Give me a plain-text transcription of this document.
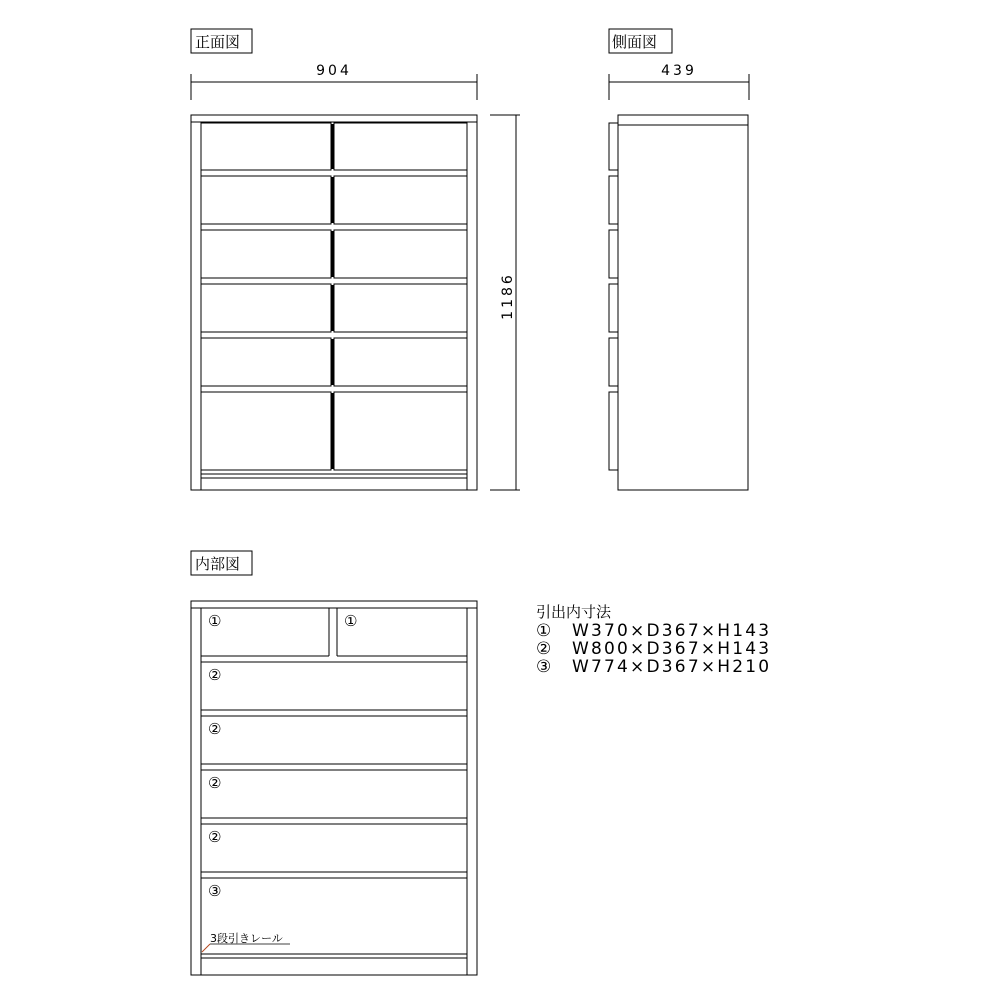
正面図
904
1186
側面図
439
内部図
①	①
②
②
②
②
③
3段引きレール
引出内寸法
① W370×D367×H143
② W800×D367×H143
③ W774×D367×H210
